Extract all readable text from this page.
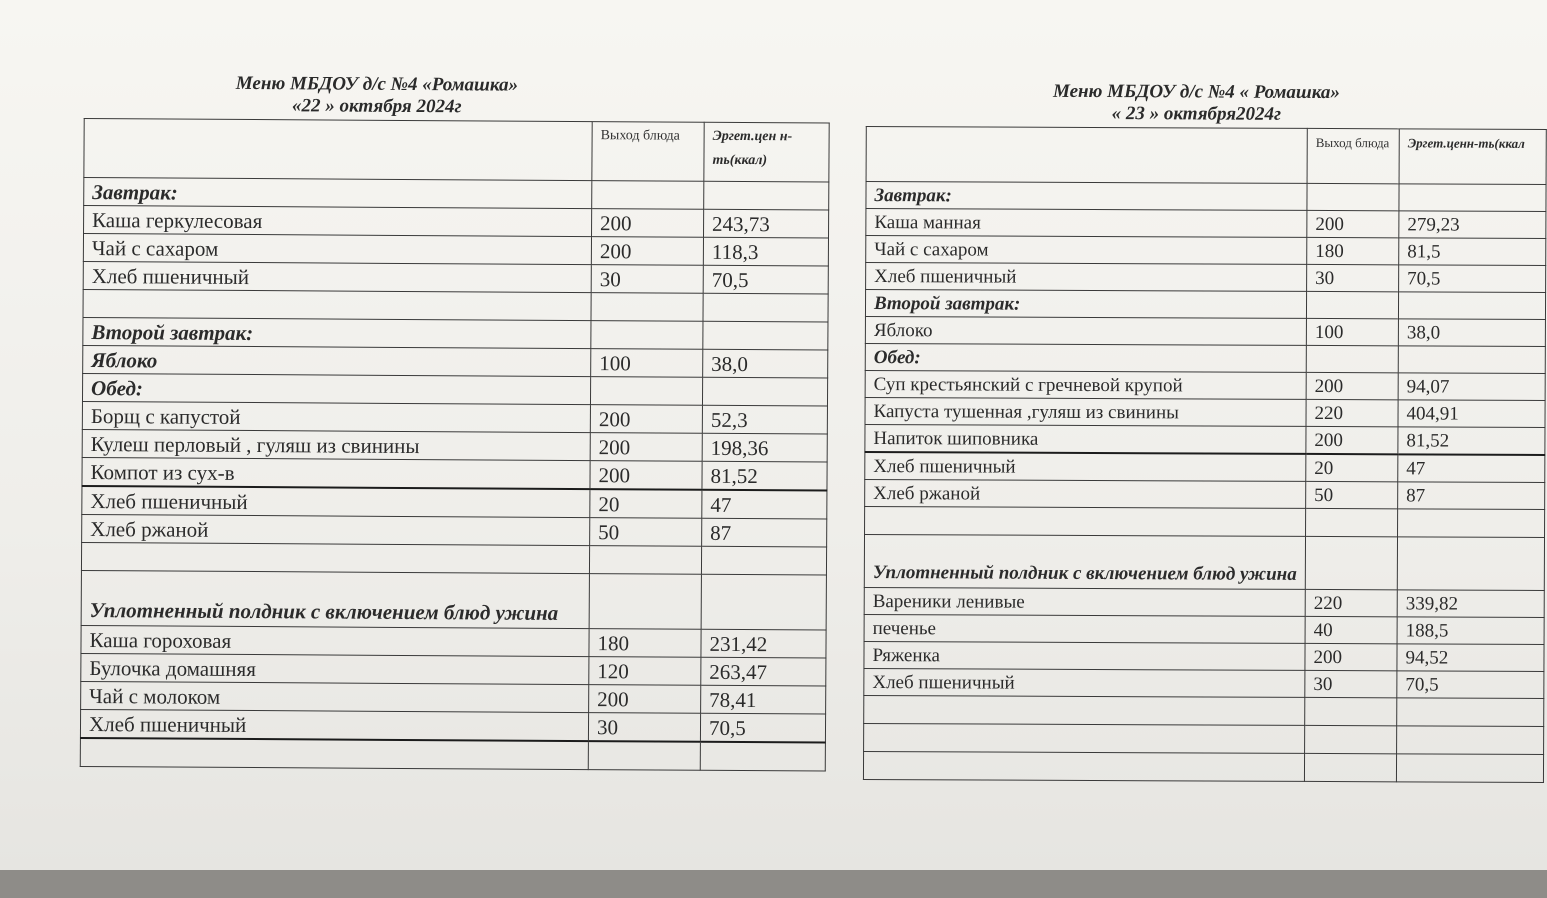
Меню МБДОУ д/с №4 «Ромашка»
«22 » октября 2024г
	Выход блюда	Эргет.цен н-ть(ккал)
Завтрак:		
Каша геркулесовая	200	243,73
Чай с сахаром	200	118,3
Хлеб пшеничный	30	70,5

Второй завтрак:		
Яблоко	100	38,0
Обед:		
Борщ с капустой	200	52,3
Кулеш перловый , гуляш из свинины	200	198,36
Компот из сух-в	200	81,52
Хлеб пшеничный	20	47
Хлеб ржаной	50	87

Уплотненный полдник с включением блюд ужина		
Каша гороховая	180	231,42
Булочка домашняя	120	263,47
Чай с молоком	200	78,41
Хлеб пшеничный	30	70,5

Меню МБДОУ д/с №4 « Ромашка»
« 23 » октября2024г
	Выход блюда	Эргет.ценн-ть(ккал
Завтрак:		
Каша манная	200	279,23
Чай с сахаром	180	81,5
Хлеб пшеничный	30	70,5
Второй завтрак:		
Яблоко	100	38,0
Обед:		
Суп крестьянский с гречневой крупой	200	94,07
Капуста тушенная ,гуляш из свинины	220	404,91
Напиток шиповника	200	81,52
Хлеб пшеничный	20	47
Хлеб ржаной	50	87

Уплотненный полдник с включением блюд ужина		
Вареники ленивые	220	339,82
печенье	40	188,5
Ряженка	200	94,52
Хлеб пшеничный	30	70,5
